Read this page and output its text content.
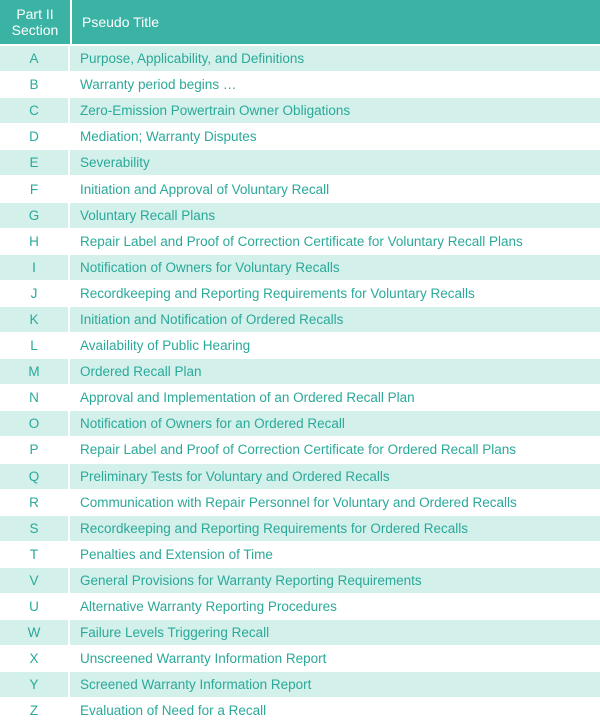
Part II
Section	Pseudo Title
A	Purpose, Applicability, and Definitions
B	Warranty period begins …
C	Zero-Emission Powertrain Owner Obligations
D	Mediation; Warranty Disputes
E	Severability
F	Initiation and Approval of Voluntary Recall
G	Voluntary Recall Plans
H	Repair Label and Proof of Correction Certificate for Voluntary Recall Plans
I	Notification of Owners for Voluntary Recalls
J	Recordkeeping and Reporting Requirements for Voluntary Recalls
K	Initiation and Notification of Ordered Recalls
L	Availability of Public Hearing
M	Ordered Recall Plan
N	Approval and Implementation of an Ordered Recall Plan
O	Notification of Owners for an Ordered Recall
P	Repair Label and Proof of Correction Certificate for Ordered Recall Plans
Q	Preliminary Tests for Voluntary and Ordered Recalls
R	Communication with Repair Personnel for Voluntary and Ordered Recalls
S	Recordkeeping and Reporting Requirements for Ordered Recalls
T	Penalties and Extension of Time
V	General Provisions for Warranty Reporting Requirements
U	Alternative Warranty Reporting Procedures
W	Failure Levels Triggering Recall
X	Unscreened Warranty Information Report
Y	Screened Warranty Information Report
Z	Evaluation of Need for a Recall
